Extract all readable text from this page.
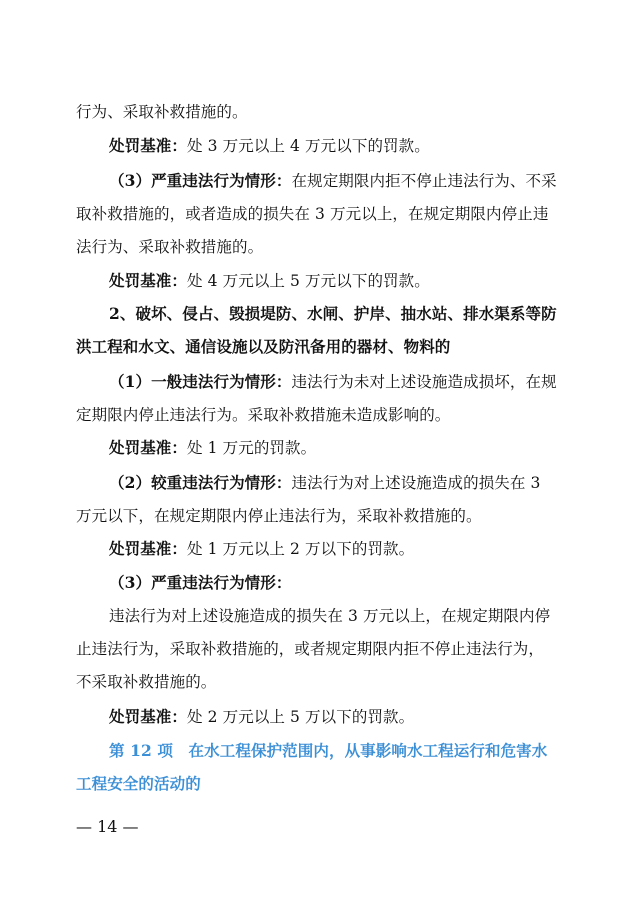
行为、采取补救措施的。
处罚基准：处 3 万元以上 4 万元以下的罚款。
（3）严重违法行为情形：在规定期限内拒不停止违法行为、不采
取补救措施的，或者造成的损失在 3 万元以上，在规定期限内停止违
法行为、采取补救措施的。
处罚基准：处 4 万元以上 5 万元以下的罚款。
2、破坏、侵占、毁损堤防、水闸、护岸、抽水站、排水渠系等防
洪工程和水文、通信设施以及防汛备用的器材、物料的
（1）一般违法行为情形：违法行为未对上述设施造成损坏，在规
定期限内停止违法行为。采取补救措施未造成影响的。
处罚基准：处 1 万元的罚款。
（2）较重违法行为情形：违法行为对上述设施造成的损失在 3
万元以下，在规定期限内停止违法行为，采取补救措施的。
处罚基准：处 1 万元以上 2 万以下的罚款。
（3）严重违法行为情形：
违法行为对上述设施造成的损失在 3 万元以上，在规定期限内停
止违法行为，采取补救措施的，或者规定期限内拒不停止违法行为，
不采取补救措施的。
处罚基准：处 2 万元以上 5 万以下的罚款。
第 12 项　在水工程保护范围内，从事影响水工程运行和危害水
工程安全的活动的
— 14 —
